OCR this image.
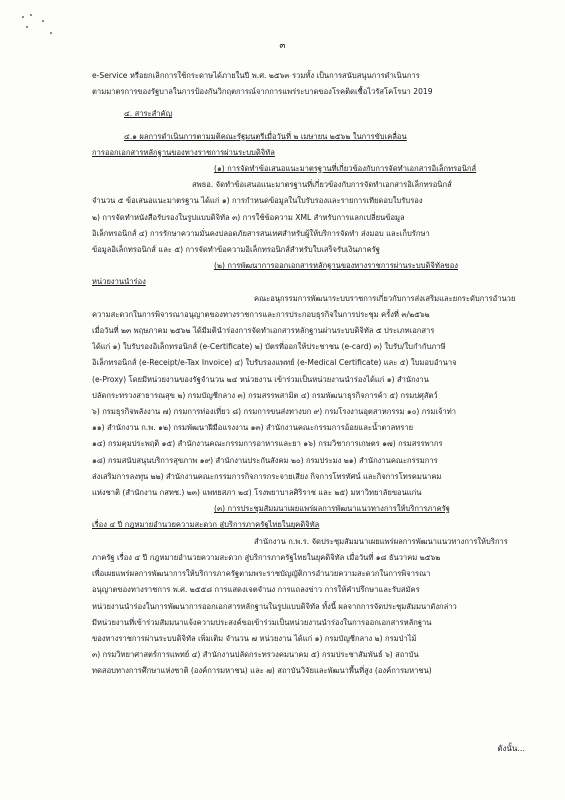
๓

e-Service หรือยกเลิกการใช้กระดาษได้ภายในปี พ.ศ. ๒๕๖๓ รวมทั้ง เป็นการสนับสนุนการดำเนินการ

ตามมาตรการของรัฐบาลในการป้องกันวิกฤตการณ์จากการแพร่ระบาดของโรคติดเชื้อไวรัสโคโรนา 2019

๔. สาระสำคัญ

๔.๑ ผลการดำเนินการตามมติคณะรัฐมนตรีเมื่อวันที่ ๒ เมษายน ๒๕๖๒ ในการขับเคลื่อน

การออกเอกสารหลักฐานของทางราชการผ่านระบบดิจิทัล

(๑) การจัดทำข้อเสนอแนะมาตรฐานที่เกี่ยวข้องกับการจัดทำเอกสารอิเล็กทรอนิกส์

สพธอ. จัดทำข้อเสนอแนะมาตรฐานที่เกี่ยวข้องกับการจัดทำเอกสารอิเล็กทรอนิกส์

จำนวน ๕ ข้อเสนอแนะมาตรฐาน ได้แก่ ๑) การกำหนดข้อมูลในใบรับรองและรายการเทียดอบใบรับรอง

๒) การจัดทำหนังสือรับรองในรูปแบบดิจิทัล ๓) การใช้ข้อความ XML สำหรับการแลกเปลี่ยนข้อมูล

อิเล็กทรอนิกส์ ๔) การรักษาความมั่นคงปลอดภัยสารสนเทศสำหรับผู้ให้บริการจัดทำ ส่งมอบ และเก็บรักษา

ข้อมูลอิเล็กทรอนิกส์ และ ๕) การจัดทำข้อความอิเล็กทรอนิกส์สำหรับใบเสร็จรับเงินภาครัฐ

(๒) การพัฒนาการออกเอกสารหลักฐานของทางราชการผ่านระบบดิจิทัลของ

หน่วยงานนำร่อง

คณะอนุกรรมการพัฒนาระบบราชการเกี่ยวกับการส่งเสริมและยกระดับการอำนวย

ความสะดวกในการพิจารณาอนุญาตของทางราชการและการประกอบธุรกิจในการประชุม ครั้งที่ ๓/๒๕๖๒

เมื่อวันที่ ๒๓ พฤษภาคม ๒๕๖๒ ได้มีมตินำร่องการจัดทำเอกสารหลักฐานผ่านระบบดิจิทัล ๕ ประเภทเอกสาร

ได้แก่ ๑) ใบรับรองอิเล็กทรอนิกส์ (e-Certificate) ๒) บัตรที่ออกให้ประชาชน (e-card) ๓) ใบรับ/ใบกำกับภาษี

อิเล็กทรอนิกส์ (e-Receipt/e-Tax Invoice) ๔) ใบรับรองแพทย์ (e-Medical Certificate) และ ๕) ใบมอบอำนาจ

(e-Proxy) โดยมีหน่วยงานของรัฐจำนวน ๒๔ หน่วยงาน เข้าร่วมเป็นหน่วยงานนำร่องได้แก่ ๑) สำนักงาน

ปลัดกระทรวงสาธารณสุข ๒) กรมบัญชีกลาง ๓) กรมสรรพสามิต ๔) กรมพัฒนาธุรกิจการค้า ๕) กรมปศุสัตว์

๖) กรมธุรกิจพลังงาน ๗) กรมการท่องเที่ยว ๘) กรมการขนส่งทางบก ๙) กรมโรงงานอุตสาหกรรม ๑๐) กรมเจ้าท่า

๑๑) สำนักงาน ก.พ. ๑๒) กรมพัฒนาฝีมือแรงงาน ๑๓) สำนักงานคณะกรรมการอ้อยและน้ำตาลทราย

๑๔) กรมคุมประพฤติ ๑๕) สำนักงานคณะกรรมการอาหารและยา ๑๖) กรมวิชาการเกษตร ๑๗) กรมสรรพากร

๑๘) กรมสนับสนุนบริการสุขภาพ ๑๙) สำนักงานประกันสังคม ๒๐) กรมประมง ๒๑) สำนักงานคณะกรรมการ

ส่งเสริมการลงทุน ๒๒) สำนักงานคณะกรรมการกิจการกระจายเสียง กิจการโทรทัศน์ และกิจการโทรคมนาคม

แห่งชาติ (สำนักงาน กสทช.) ๒๓) แพทยสภา ๒๔) โรงพยาบาลศิริราช และ ๒๕) มหาวิทยาลัยขอนแก่น

(๓) การประชุมสัมมนาเผยแพร่ผลการพัฒนาแนวทางการให้บริการภาครัฐ

เรื่อง ๔ ปี กฎหมายอำนวยความสะดวก สู่บริการภาครัฐไทยในยุคดิจิทัล

สำนักงาน ก.พ.ร. จัดประชุมสัมมนาเผยแพร่ผลการพัฒนาแนวทางการให้บริการ

ภาครัฐ เรื่อง ๔ ปี กฎหมายอำนวยความสะดวก สู่บริการภาครัฐไทยในยุคดิจิทัล เมื่อวันที่ ๑๘ ธันวาคม ๒๕๖๒

เพื่อเผยแพร่ผลการพัฒนาการให้บริการภาครัฐตามพระราชบัญญัติการอำนวยความสะดวกในการพิจารณา

อนุญาตของทางราชการ พ.ศ. ๒๕๕๘ การแสดงเจตจำนง การแถลงข่าว การให้คำปรึกษาและรับสมัคร

หน่วยงานนำร่องในการพัฒนาการออกเอกสารหลักฐานในรูปแบบดิจิทัล ทั้งนี้ ผลจากการจัดประชุมสัมมนาดังกล่าว

มีหน่วยงานที่เข้าร่วมสัมมนาแจ้งความประสงค์ขอเข้าร่วมเป็นหน่วยงานนำร่องในการออกเอกสารหลักฐาน

ของทางราชการผ่านระบบดิจิทัล เพิ่มเติม จำนวน ๗ หน่วยงาน ได้แก่ ๑) กรมบัญชีกลาง ๒) กรมป่าไม้

๓) กรมวิทยาศาสตร์การแพทย์ ๔) สำนักงานปลัดกระทรวงคมนาคม ๕) กรมประชาสัมพันธ์ ๖) สถาบัน

ทดสอบทางการศึกษาแห่งชาติ (องค์การมหาชน) และ ๗) สถาบันวิจัยและพัฒนาพื้นที่สูง (องค์การมหาชน)

ดังนั้น...
